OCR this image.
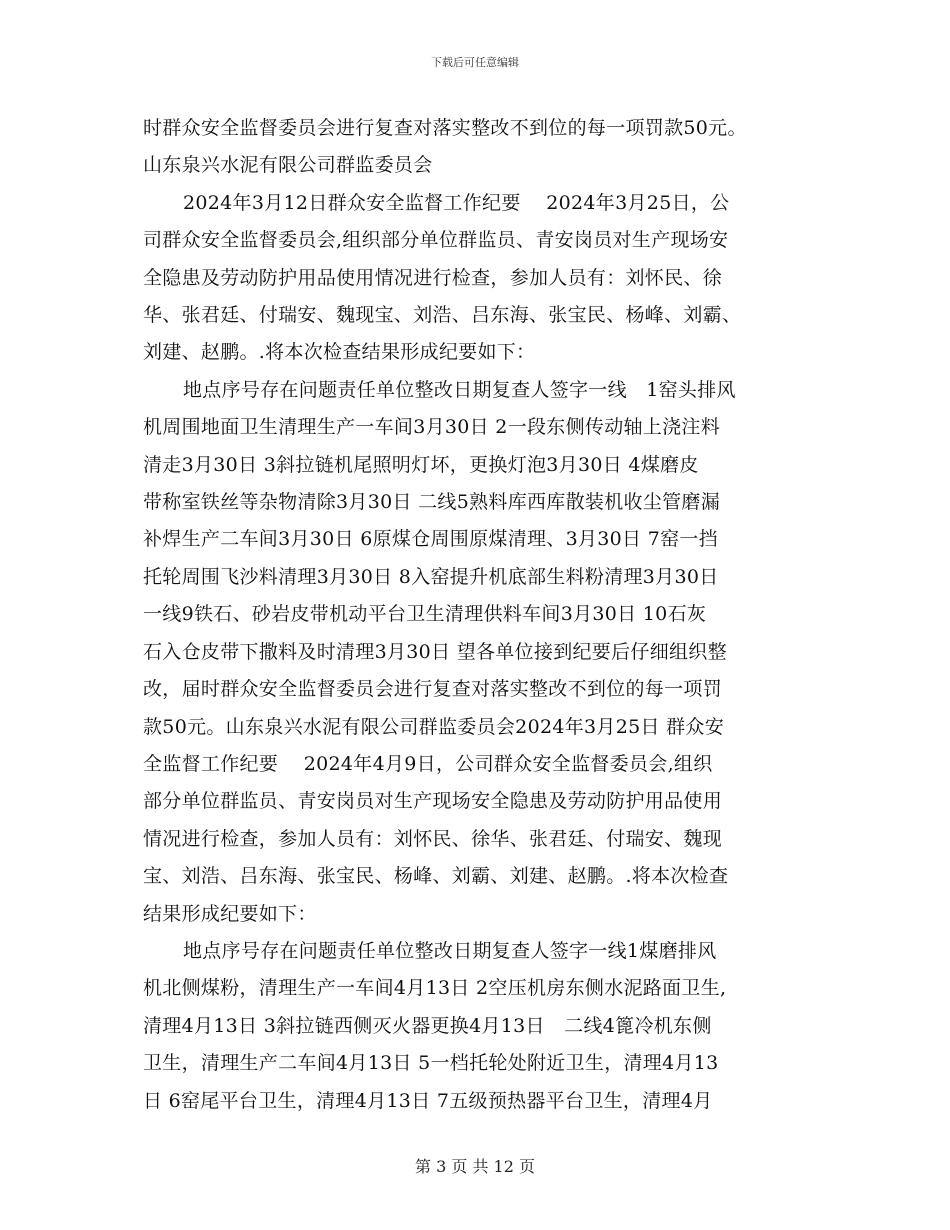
下载后可任意编辑
时群众安全监督委员会进行复查对落实整改不到位的每一项罚款50元。
山东泉兴水泥有限公司群监委员会
2024年3月12日群众安全监督工作纪要　 2024年3月25日，公
司群众安全监督委员会,组织部分单位群监员、青安岗员对生产现场安
全隐患及劳动防护用品使用情况进行检查，参加人员有：刘怀民、徐
华、张君廷、付瑞安、魏现宝、刘浩、吕东海、张宝民、杨峰、刘霸、
刘建、赵鹏。.将本次检查结果形成纪要如下：
地点序号存在问题责任单位整改日期复查人签字一线　1窑头排风
机周围地面卫生清理生产一车间3月30日 2一段东侧传动轴上浇注料
清走3月30日 3斜拉链机尾照明灯坏，更换灯泡3月30日 4煤磨皮
带称室铁丝等杂物清除3月30日 二线5熟料库西库散装机收尘管磨漏
补焊生产二车间3月30日 6原煤仓周围原煤清理、3月30日 7窑一挡
托轮周围飞沙料清理3月30日 8入窑提升机底部生料粉清理3月30日
一线9铁石、砂岩皮带机动平台卫生清理供料车间3月30日 10石灰
石入仓皮带下撒料及时清理3月30日 望各单位接到纪要后仔细组织整
改，届时群众安全监督委员会进行复查对落实整改不到位的每一项罚
款50元。山东泉兴水泥有限公司群监委员会2024年3月25日 群众安
全监督工作纪要　 2024年4月9日，公司群众安全监督委员会,组织
部分单位群监员、青安岗员对生产现场安全隐患及劳动防护用品使用
情况进行检查，参加人员有：刘怀民、徐华、张君廷、付瑞安、魏现
宝、刘浩、吕东海、张宝民、杨峰、刘霸、刘建、赵鹏。.将本次检查
结果形成纪要如下：
地点序号存在问题责任单位整改日期复查人签字一线1煤磨排风
机北侧煤粉，清理生产一车间4月13日 2空压机房东侧水泥路面卫生,
清理4月13日 3斜拉链西侧灭火器更换4月13日　二线4篦冷机东侧
卫生，清理生产二车间4月13日 5一档托轮处附近卫生，清理4月13
日 6窑尾平台卫生，清理4月13日 7五级预热器平台卫生，清理4月
第 3 页 共 12 页
